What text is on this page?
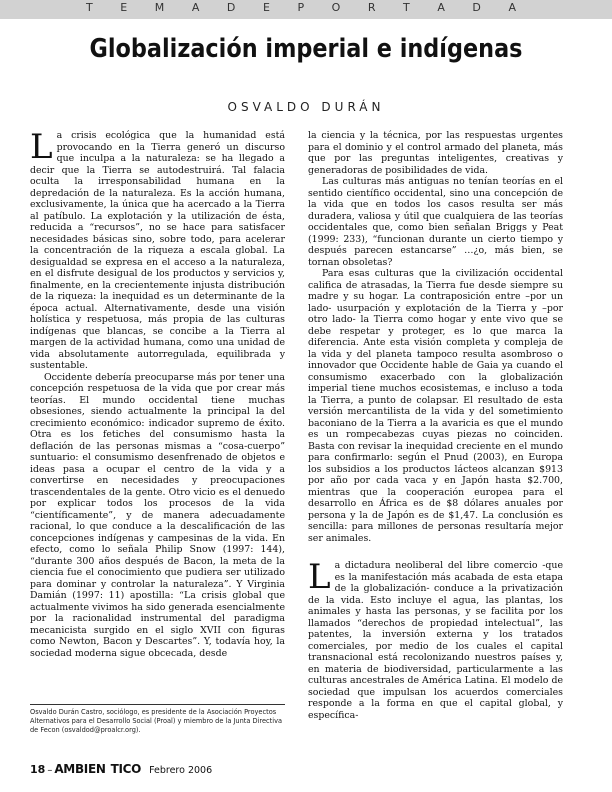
T	E	M	A	D	E	P	O	R	T	A	D	A
Globalización imperial e indígenas
OSVALDO DURÁN

La crisis ecológica que la humanidad está provocando en la Tierra generó un discurso que inculpa a la naturaleza: se ha llegado a decir que la Tierra se autodestruirá. Tal falacia oculta la irresponsabilidad humana en la depredación de la naturaleza. Es la acción humana, exclusivamente, la única que ha acercado a la Tierra al patíbulo. La explotación y la utilización de ésta, reducida a “recursos”, no se hace para satisfacer necesidades básicas sino, sobre todo, para acelerar la concentración de la riqueza a escala global. La desigualdad se expresa en el acceso a la naturaleza, en el disfrute desigual de los productos y servicios y, finalmente, en la crecientemente injusta distribución de la riqueza: la inequidad es un determinante de la época actual. Alternativamente, desde una visión holística y respetuosa, más propia de las culturas indígenas que blancas, se concibe a la Tierra al margen de la actividad humana, como una unidad de vida absolutamente autorregulada, equilibrada y sustentable.

Occidente debería preocuparse más por tener una concepción respetuosa de la vida que por crear más teorías. El mundo occidental tiene muchas obsesiones, siendo actualmente la principal la del crecimiento económico: indicador supremo de éxito. Otra es los fetiches del consumismo hasta la deflación de las personas mismas a “cosa-cuerpo” suntuario: el consumismo desenfrenado de objetos e ideas pasa a ocupar el centro de la vida y a convertirse en necesidades y preocupaciones trascendentales de la gente. Otro vicio es el denuedo por explicar todos los procesos de la vida “científicamente”, y de manera adecuadamente racional, lo que conduce a la descalificación de las concepciones indígenas y campesinas de la vida. En efecto, como lo señala Philip Snow (1997: 144), “durante 300 años después de Bacon, la meta de la ciencia fue el conocimiento que pudiera ser utilizado para dominar y controlar la naturaleza”. Y Virginia Damián (1997: 11) apostilla: “La crisis global que actualmente vivimos ha sido generada esencialmente por la racionalidad instrumental del paradigma mecanicista surgido en el siglo XVII con figuras como Newton, Bacon y Descartes”. Y, todavía hoy, la sociedad moderna sigue obcecada, desde

la ciencia y la técnica, por las respuestas urgentes para el dominio y el control armado del planeta, más que por las preguntas inteligentes, creativas y generadoras de posibilidades de vida.

Las culturas más antiguas no tenían teorías en el sentido científico occidental, sino una concepción de la vida que en todos los casos resulta ser más duradera, valiosa y útil que cualquiera de las teorías occidentales que, como bien señalan Briggs y Peat (1999: 233), “funcionan durante un cierto tiempo y después parecen estancarse” …¿o, más bien, se tornan obsoletas?

Para esas culturas que la civilización occidental califica de atrasadas, la Tierra fue desde siempre su madre y su hogar. La contraposición entre –por un lado- usurpación y explotación de la Tierra y –por otro lado- la Tierra como hogar y ente vivo que se debe respetar y proteger, es lo que marca la diferencia. Ante esta visión completa y compleja de la vida y del planeta tampoco resulta asombroso o innovador que Occidente hable de Gaia ya cuando el consumismo exacerbado con la globalización imperial tiene muchos ecosistemas, e incluso a toda la Tierra, a punto de colapsar. El resultado de esta versión mercantilista de la vida y del sometimiento baconiano de la Tierra a la avaricia es que el mundo es un rompecabezas cuyas piezas no coinciden. Basta con revisar la inequidad creciente en el mundo para confirmarlo: según el Pnud (2003), en Europa los subsidios a los productos lácteos alcanzan $913 por año por cada vaca y en Japón hasta $2.700, mientras que la cooperación europea para el desarrollo en África es de $8 dólares anuales por persona y la de Japón es de $1,47. La conclusión es sencilla: para millones de personas resultaría mejor ser animales.

La dictadura neoliberal del libre comercio -que es la manifestación más acabada de esta etapa de la globalización- conduce a la privatización de la vida. Esto incluye el agua, las plantas, los animales y hasta las personas, y se facilita por los llamados “derechos de propiedad intelectual”, las patentes, la inversión externa y los tratados comerciales, por medio de los cuales el capital transnacional está recolonizando nuestros países y, en materia de biodiversidad, particularmente a las culturas ancestrales de América Latina. El modelo de sociedad que impulsan los acuerdos comerciales responde a la forma en que el capital global, y específica-

Osvaldo Durán Castro, sociólogo, es presidente de la Asociación Proyectos Alternativos para el Desarrollo Social (Proal) y miembro de la Junta Directiva de Fecon (osvaldod@proalcr.org).
18 – AMBIEN TICO Febrero 2006
